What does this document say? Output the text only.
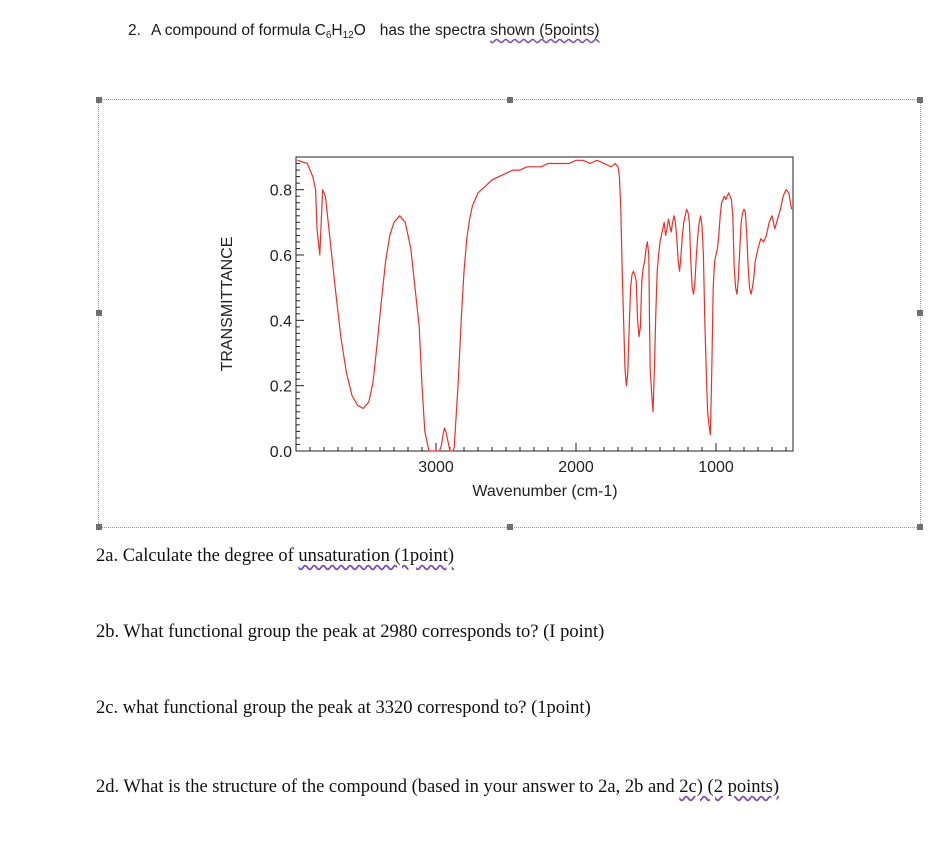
2. A compound of formula $C_6H_{12}O$ has the spectra shown (5points)
3000	2000	1000
0.0
0.2
0.4
0.6
0.8
Wavenumber (cm-1)
TRANSMITTANCE
2a. Calculate the degree of unsaturation (1point)
2b. What functional group the peak at 2980 corresponds to? (I point)
2c. what functional group the peak at 3320 correspond to? (1point)
2d. What is the structure of the compound (based in your answer to 2a, 2b and 2c) (2 points)
